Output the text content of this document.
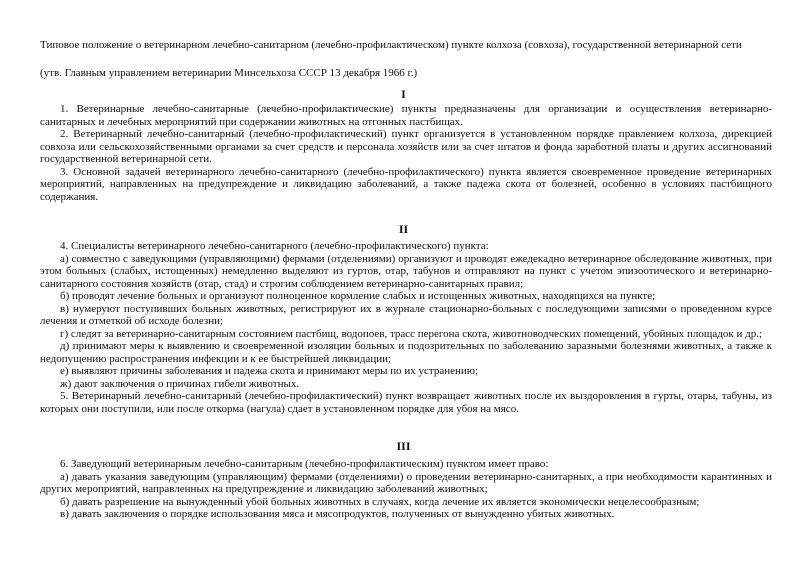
Типовое положение о ветеринарном лечебно-санитарном (лечебно-профилактическом) пункте колхоза (совхоза), государственной ветеринарной сети
(утв. Главным управлением ветеринарии Минсельхоза СССР 13 декабря 1966 г.)
I

1. Ветеринарные лечебно-санитарные (лечебно-профилактические) пункты предназначены для организации и осуществления ветеринарно-санитарных и лечебных мероприятий при содержании животных на отгонных пастбищах.

2. Ветеринарный лечебно-санитарный (лечебно-профилактический) пункт организуется в установленном порядке правлением колхоза, дирекцией совхоза или сельскохозяйственными органами за счет средств и персонала хозяйств или за счет штатов и фонда заработной платы и других ассигнований государственной ветеринарной сети.

3. Основной задачей ветеринарного лечебно-санитарного (лечебно-профилактического) пункта является своевременное проведение ветеринарных мероприятий, направленных на предупреждение и ликвидацию заболеваний, а также падежа скота от болезней, особенно в условиях пастбищного содержания.

II

4. Специалисты ветеринарного лечебно-санитарного (лечебно-профилактического) пункта:

а) совместно с заведующими (управляющими) фермами (отделениями) организуют и проводят ежедекадно ветеринарное обследование животных, при этом больных (слабых, истощенных) немедленно выделяют из гуртов, отар, табунов и отправляют на пункт с учетом эпизоотического и ветеринарно-санитарного состояния хозяйств (отар, стад) и строгим соблюдением ветеринарно-санитарных правил;

б) проводят лечение больных и организуют полноценное кормление слабых и истощенных животных, находящихся на пункте;

в) нумеруют поступивших больных животных, регистрируют их в журнале стационарно-больных с последующими записями о проведенном курсе лечения и отметкой об исходе болезни;

г) следят за ветеринарно-санитарным состоянием пастбищ, водопоев, трасс перегона скота, животноводческих помещений, убойных площадок и др.;

д) принимают меры к выявлению и своевременной изоляции больных и подозрительных по заболеванию заразными болезнями животных, а также к недопущению распространения инфекции и к ее быстрейшей ликвидации;

е) выявляют причины заболевания и падежа скота и принимают меры по их устранению;

ж) дают заключения о причинах гибели животных.

5. Ветеринарный лечебно-санитарный (лечебно-профилактический) пункт возвращает животных после их выздоровления в гурты, отары, табуны, из которых они поступили, или после откорма (нагула) сдает в установленном порядке для убоя на мясо.

III

6. Заведующий ветеринарным лечебно-санитарным (лечебно-профилактическим) пунктом имеет право:

а) давать указания заведующим (управляющим) фермами (отделениями) о проведении ветеринарно-санитарных, а при необходимости карантинных и других мероприятий, направленных на предупреждение и ликвидацию заболеваний животных;

б) давать разрешение на вынужденный убой больных животных в случаях, когда лечение их является экономически нецелесообразным;

в) давать заключения о порядке использования мяса и мясопродуктов, полученных от вынужденно убитых животных.
